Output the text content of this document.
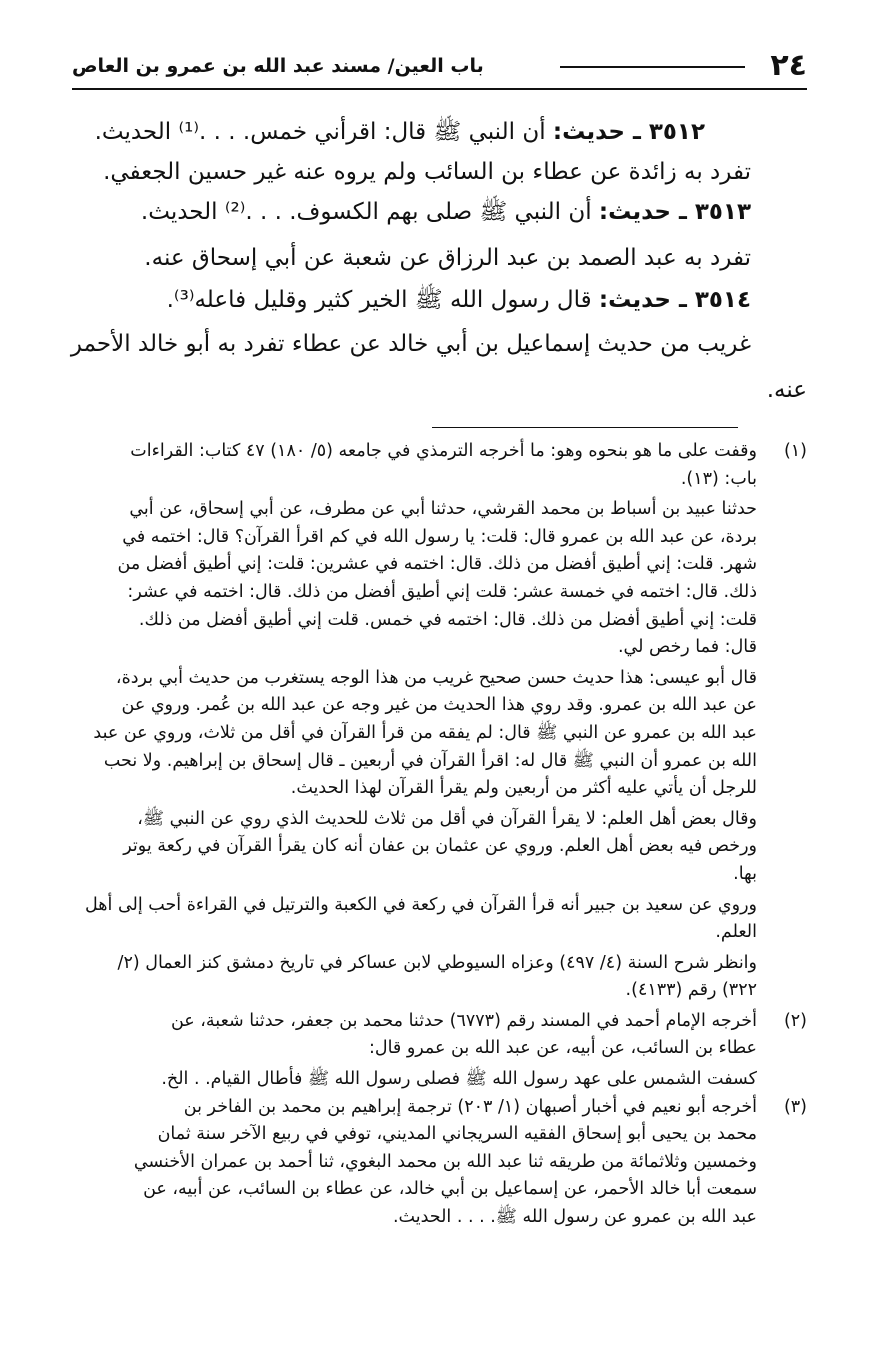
٢٤
باب العين/ مسند عبد الله بن عمرو بن العاص

٣٥١٢ ـ حديث: أن النبي ﷺ قال: اقرأني خمس. . . .⁽¹⁾ الحديث.

تفرد به زائدة عن عطاء بن السائب ولم يروه عنه غير حسين الجعفي.

٣٥١٣ ـ حديث: أن النبي ﷺ صلى بهم الكسوف. . . .⁽²⁾ الحديث.

تفرد به عبد الصمد بن عبد الرزاق عن شعبة عن أبي إسحاق عنه.

٣٥١٤ ـ حديث: قال رسول الله ﷺ الخير كثير وقليل فاعله⁽³⁾.

غريب من حديث إسماعيل بن أبي خالد عن عطاء تفرد به أبو خالد الأحمر

عنه.

(١)

وقفت على ما هو بنحوه وهو: ما أخرجه الترمذي في جامعه (٥/ ١٨٠) ٤٧ كتاب: القراءات

باب: (١٣).

حدثنا عبيد بن أسباط بن محمد القرشي، حدثنا أبي عن مطرف، عن أبي إسحاق، عن أبي

بردة، عن عبد الله بن عمرو قال: قلت: يا رسول الله في كم اقرأ القرآن؟ قال: اختمه في

شهر. قلت: إني أطيق أفضل من ذلك. قال: اختمه في عشرين: قلت: إني أطيق أفضل من

ذلك. قال: اختمه في خمسة عشر: قلت إني أطيق أفضل من ذلك. قال: اختمه في عشر:

قلت: إني أطيق أفضل من ذلك. قال: اختمه في خمس. قلت إني أطيق أفضل من ذلك.

قال: فما رخص لي.

قال أبو عيسى: هذا حديث حسن صحيح غريب من هذا الوجه يستغرب من حديث أبي بردة،

عن عبد الله بن عمرو. وقد روي هذا الحديث من غير وجه عن عبد الله بن عُمر. وروي عن

عبد الله بن عمرو عن النبي ﷺ قال: لم يفقه من قرأ القرآن في أقل من ثلاث، وروي عن عبد

الله بن عمرو أن النبي ﷺ قال له: اقرأ القرآن في أربعين ـ قال إسحاق بن إبراهيم. ولا نحب

للرجل أن يأتي عليه أكثر من أربعين ولم يقرأ القرآن لهذا الحديث.

وقال بعض أهل العلم: لا يقرأ القرآن في أقل من ثلاث للحديث الذي روي عن النبي ﷺ،

ورخص فيه بعض أهل العلم. وروي عن عثمان بن عفان أنه كان يقرأ القرآن في ركعة يوتر

بها.

وروي عن سعيد بن جبير أنه قرأ القرآن في ركعة في الكعبة والترتيل في القراءة أحب إلى أهل

العلم.

وانظر شرح السنة (٤/ ٤٩٧) وعزاه السيوطي لابن عساكر في تاريخ دمشق كنز العمال (٢/

٣٢٢) رقم (٤١٣٣).

(٢)

أخرجه الإمام أحمد في المسند رقم (٦٧٧٣) حدثنا محمد بن جعفر، حدثنا شعبة، عن

عطاء بن السائب، عن أبيه، عن عبد الله بن عمرو قال:

كسفت الشمس على عهد رسول الله ﷺ فصلى رسول الله ﷺ فأطال القيام. . الخ.

(٣)

أخرجه أبو نعيم في أخبار أصبهان (١/ ٢٠٣) ترجمة إبراهيم بن محمد بن الفاخر بن

محمد بن يحيى أبو إسحاق الفقيه السريجاني المديني، توفي في ربيع الآخر سنة ثمان

وخمسين وثلاثمائة من طريقه ثنا عبد الله بن محمد البغوي، ثنا أحمد بن عمران الأخنسي

سمعت أبا خالد الأحمر، عن إسماعيل بن أبي خالد، عن عطاء بن السائب، عن أبيه، عن

عبد الله بن عمرو عن رسول الله ﷺ. . . . الحديث.
